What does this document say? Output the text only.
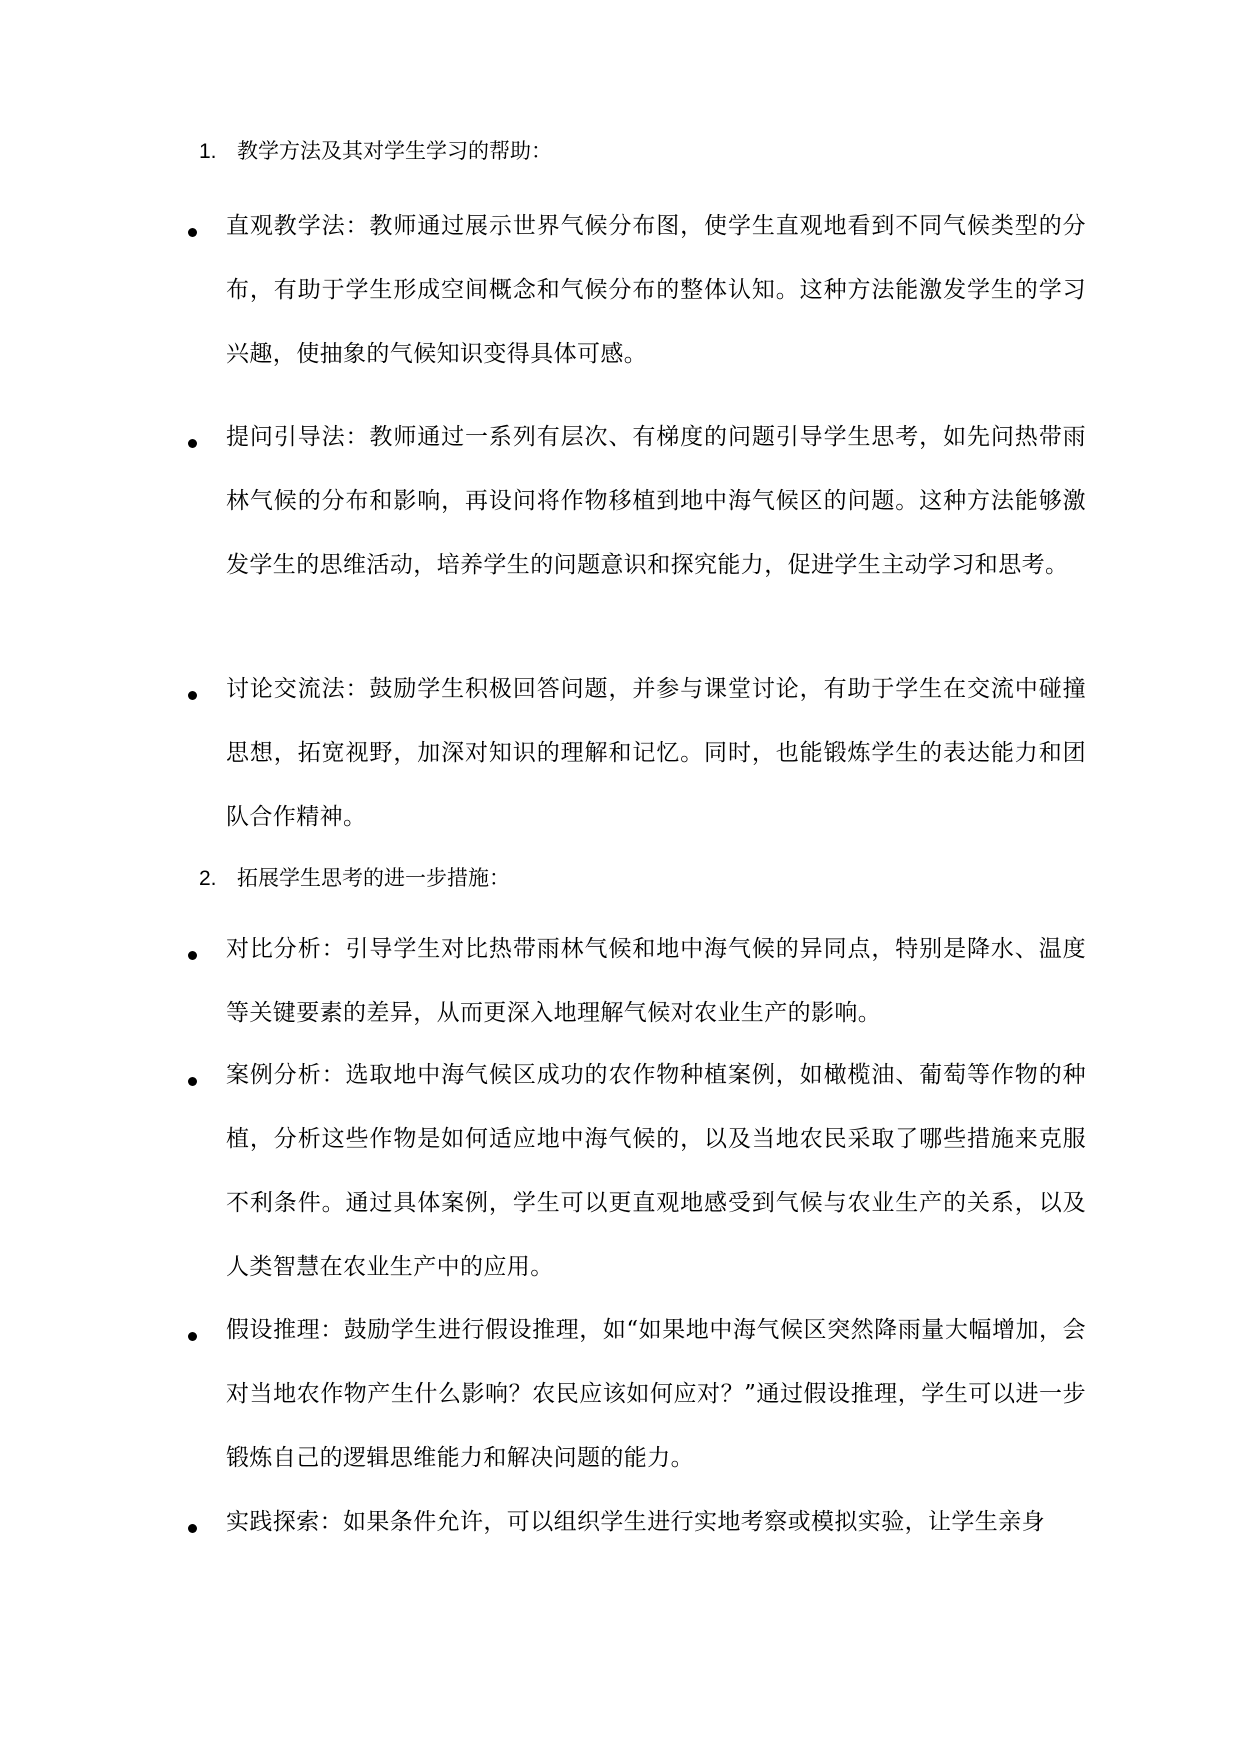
1. 教学方法及其对学生学习的帮助：
直观教学法：教师通过展示世界气候分布图，使学生直观地看到不同气候类型的分布，有助于学生形成空间概念和气候分布的整体认知。这种方法能激发学生的学习兴趣，使抽象的气候知识变得具体可感。
提问引导法：教师通过一系列有层次、有梯度的问题引导学生思考，如先问热带雨林气候的分布和影响，再设问将作物移植到地中海气候区的问题。这种方法能够激发学生的思维活动，培养学生的问题意识和探究能力，促进学生主动学习和思考。
讨论交流法：鼓励学生积极回答问题，并参与课堂讨论，有助于学生在交流中碰撞思想，拓宽视野，加深对知识的理解和记忆。同时，也能锻炼学生的表达能力和团队合作精神。
2. 拓展学生思考的进一步措施：
对比分析：引导学生对比热带雨林气候和地中海气候的异同点，特别是降水、温度等关键要素的差异，从而更深入地理解气候对农业生产的影响。
案例分析：选取地中海气候区成功的农作物种植案例，如橄榄油、葡萄等作物的种植，分析这些作物是如何适应地中海气候的，以及当地农民采取了哪些措施来克服不利条件。通过具体案例，学生可以更直观地感受到气候与农业生产的关系，以及人类智慧在农业生产中的应用。
假设推理：鼓励学生进行假设推理，如“如果地中海气候区突然降雨量大幅增加，会对当地农作物产生什么影响？农民应该如何应对？”通过假设推理，学生可以进一步锻炼自己的逻辑思维能力和解决问题的能力。
实践探索：如果条件允许，可以组织学生进行实地考察或模拟实验，让学生亲身
